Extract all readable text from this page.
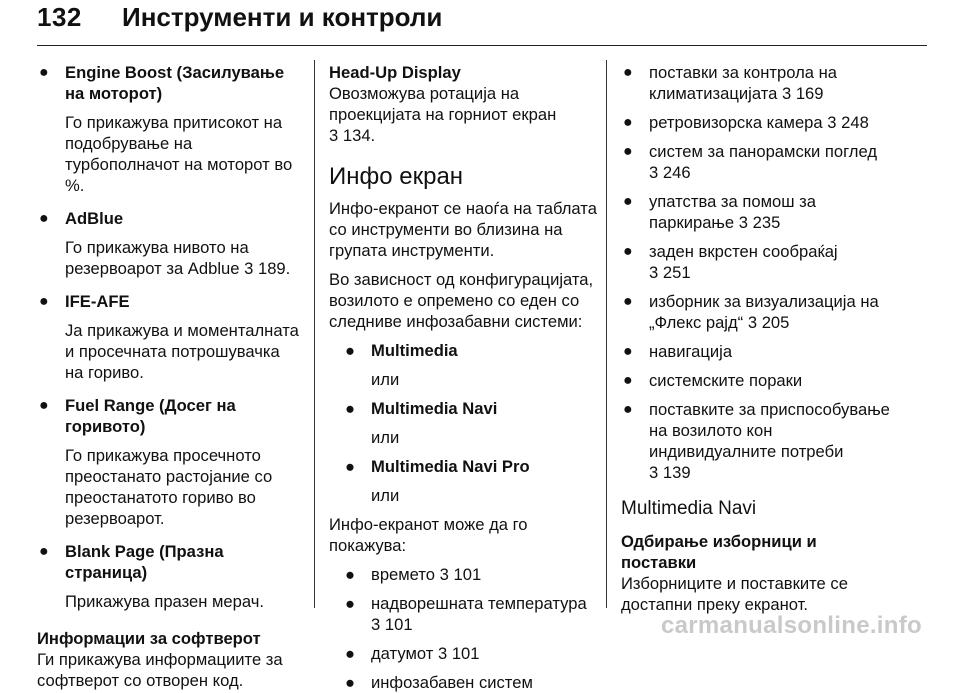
132 Инструменти и контроли
● Engine Boost (Засилување на моторот)
Го прикажува притисокот на подобрување на турбополначот на моторот во %.
● AdBlue
Го прикажува нивото на резервоарот за Adblue 3 189.
● IFE-AFE
Ја прикажува и моменталната и просечната потрошувачка на гориво.
● Fuel Range (Досег на горивото)
Го прикажува просечното преостанато растојание со преостанатото гориво во резервоарот.
● Blank Page (Празна страница)
Прикажува празен мерач.
Информации за софтверот
Ги прикажува информациите за софтверот со отворен код.
Head-Up Display
Овозможува ротација на проекцијата на горниот екран
3 134.
Инфо екран
Инфо-екранот се наоѓа на таблата со инструменти во близина на групата инструменти.
Во зависност од конфигурацијата, возилото е опремено со еден со следниве инфозабавни системи:
● Multimedia
или
● Multimedia Navi
или
● Multimedia Navi Pro
или
Инфо-екранот може да го покажува:
● времето 3 101
● надворешната температура
3 101
● датумот 3 101
● инфозабавен систем
● поставки за контрола на климатизацијата 3 169
● ретровизорска камера 3 248
● систем за панорамски поглед
3 246
● упатства за помош за паркирање 3 235
● заден вкрстен сообраќај
3 251
● изборник за визуализација на „Флекс рајд“ 3 205
● навигација
● системските пораки
● поставките за приспособување на возилото кон индивидуалните потреби
3 139
Multimedia Navi
Одбирање изборници и поставки
Изборниците и поставките се достапни преку екранот.
carmanualsonline.info
